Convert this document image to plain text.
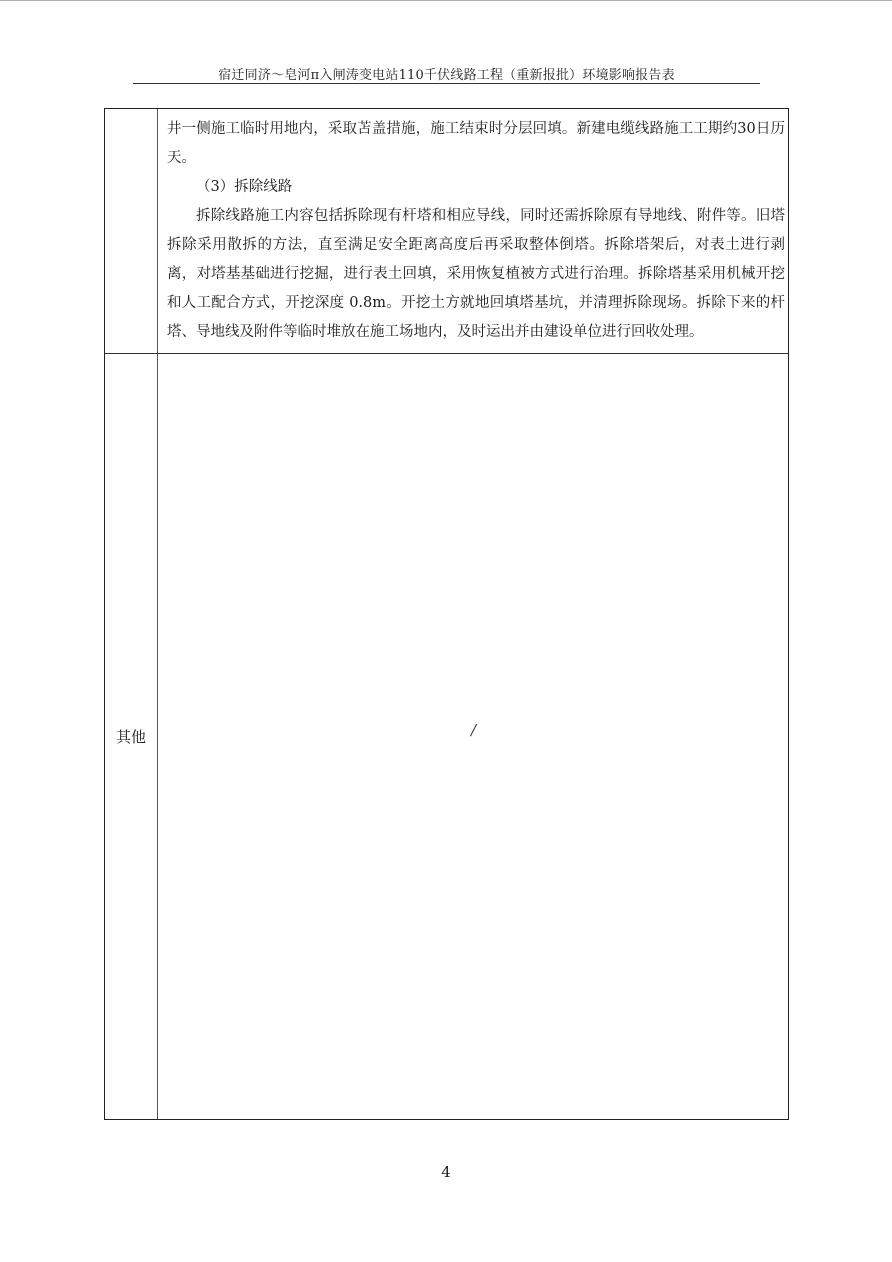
宿迁同济～皂河π入闸涛变电站110千伏线路工程（重新报批）环境影响报告表

井一侧施工临时用地内，采取苫盖措施，施工结束时分层回填。新建电缆线路施工工期约30日历天。

（3）拆除线路

拆除线路施工内容包括拆除现有杆塔和相应导线，同时还需拆除原有导地线、附件等。旧塔拆除采用散拆的方法，直至满足安全距离高度后再采取整体倒塔。拆除塔架后，对表土进行剥离，对塔基基础进行挖掘，进行表土回填，采用恢复植被方式进行治理。拆除塔基采用机械开挖和人工配合方式，开挖深度 0.8m。开挖土方就地回填塔基坑，并清理拆除现场。拆除下来的杆塔、导地线及附件等临时堆放在施工场地内，及时运出并由建设单位进行回收处理。

其他	/
4
